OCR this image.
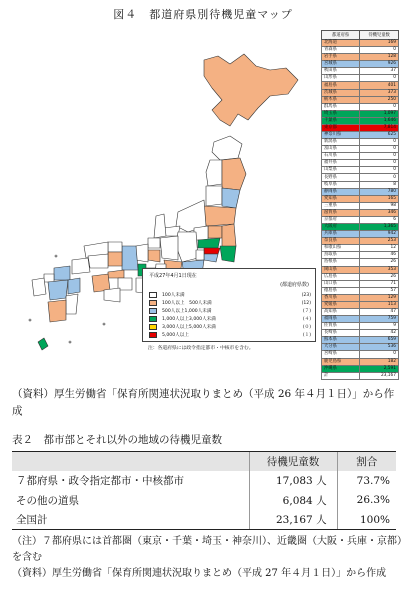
図４　都道府県別待機児童マップ
平成27年4月1日現在
(都道府県数)
100人未満	(23)
100人以上　500人未満	(12)
500人以上1,000人未満	(７)
1,000人以上3,000人未満	(４)
3,000人以上5,000人未満	(０)
5,000人以上	(１)
注：各道府県には政令指定都市・中核市を含む。
都道府県	待機児童数
北海道	169
青森県	0
岩手県	128
宮城県	926
秋田県	37
山形県	0
福島県	401
茨城県	373
栃木県	250
群馬県	0
埼玉県	1,097
千葉県	1,646
東京都	7,814
神奈川県	625
新潟県	0
富山県	0
石川県	0
福井県	0
山梨県	0
長野県	0
岐阜県	8
静岡県	780
愛知県	165
三重県	98
滋賀県	346
京都府	6
大阪府	1,365
兵庫県	942
奈良県	253
和歌山県	12
鳥取県	46
島根県	26
岡山県	353
広島県	26
山口県	71
徳島県	57
香川県	129
愛媛県	113
高知県	47
福岡県	759
佐賀県	9
長崎県	42
熊本県	659
大分県	536
宮崎県	0
鹿児島県	182
沖縄県	2,591
計	23,167
（資料）厚生労働省「保育所関連状況取りまとめ（平成 26 年４月１日）」から作成
表２　都市部とそれ以外の地域の待機児童数
	待機児童数	割合
７都府県・政令指定都市・中核都市	17,083 人	73.7%
その他の道県	6,084 人	26.3%
全国計	23,167 人	100%
（注）７都府県には首都圏（東京・千葉・埼玉・神奈川）、近畿圏（大阪・兵庫・京都）を含む
（資料）厚生労働省「保育所関連状況取りまとめ（平成 27 年４月１日）」から作成
